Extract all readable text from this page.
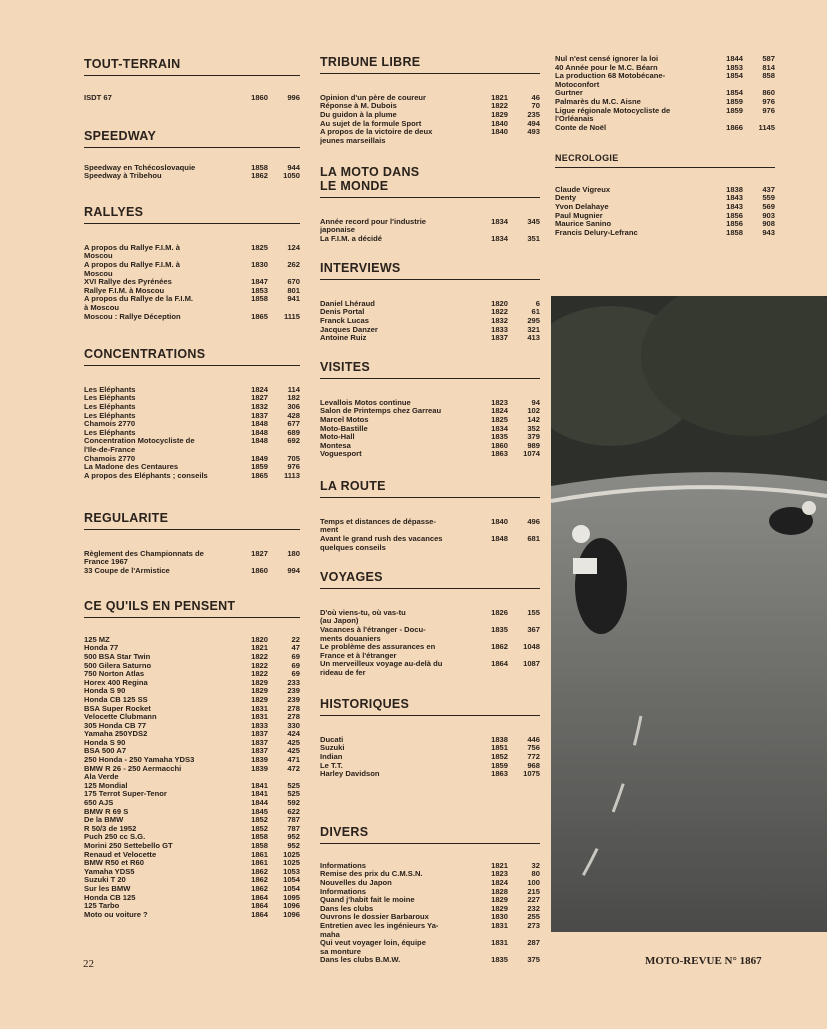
TOUT-TERRAIN
ISDT 67	1860	996
SPEEDWAY
Speedway en Tchécoslovaquie	1858	944
Speedway à Tribehou	1862	1050
RALLYES
A propos du Rallye F.I.M. à
Moscou
1825	124
A propos du Rallye F.I.M. à
Moscou
1830	262
XVI Rallye des Pyrénées	1847	670
Rallye F.I.M. à Moscou	1853	801
A propos du Rallye de la F.I.M.
à Moscou
1858	941
Moscou : Rallye Déception	1865	1115
CONCENTRATIONS
Les Eléphants	1824	114
Les Eléphants	1827	182
Les Eléphants	1832	306
Les Eléphants	1837	428
Chamois 2770	1848	677
Les Eléphants	1848	689
Concentration Motocycliste de
l'Ile-de-France
1848	692
Chamois 2770	1849	705
La Madone des Centaures	1859	976
A propos des Eléphants ; conseils	1865	1113
REGULARITE
Règlement des Championnats de
France 1967
1827	180
33 Coupe de l'Armistice	1860	994
CE QU'ILS EN PENSENT
125 MZ	1820	22
Honda 77	1821	47
500 BSA Star Twin	1822	69
500 Gilera Saturno	1822	69
750 Norton Atlas	1822	69
Horex 400 Regina	1829	233
Honda S 90	1829	239
Honda CB 125 SS	1829	239
BSA Super Rocket	1831	278
Velocette Clubmann	1831	278
305 Honda CB 77	1833	330
Yamaha 250YDS2	1837	424
Honda S 90	1837	425
BSA 500 A7	1837	425
250 Honda - 250 Yamaha YDS3	1839	471
BMW R 26 - 250 Aermacchi
Ala Verde
1839	472
125 Mondial	1841	525
175 Terrot Super-Tenor	1841	525
650 AJS	1844	592
BMW R 69 S	1845	622
De la BMW	1852	787
R 50/3 de 1952	1852	787
Puch 250 cc S.G.	1858	952
Morini 250 Settebello GT	1858	952
Renaud et Velocette	1861	1025
BMW R50 et R60	1861	1025
Yamaha YDS5	1862	1053
Suzuki T 20	1862	1054
Sur les BMW	1862	1054
Honda CB 125	1864	1095
125 Tarbo	1864	1096
Moto ou voiture ?	1864	1096
TRIBUNE LIBRE
Opinion d'un père de coureur	1821	46
Réponse à M. Dubois	1822	70
Du guidon à la plume	1829	235
Au sujet de la formule Sport	1840	494
A propos de la victoire de deux
jeunes marseillais
1840	493
LA MOTO DANS
LE MONDE
Année record pour l'industrie
japonaise
1834	345
La F.I.M. a décidé	1834	351
INTERVIEWS
Daniel Lhéraud	1820	6
Denis Portal	1822	61
Franck Lucas	1832	295
Jacques Danzer	1833	321
Antoine Ruiz	1837	413
VISITES
Levallois Motos continue	1823	94
Salon de Printemps chez Garreau	1824	102
Marcel Motos	1825	142
Moto-Bastille	1834	352
Moto-Hall	1835	379
Montesa	1860	989
Voguesport	1863	1074
LA ROUTE
Temps et distances de dépasse-
ment
1840	496
Avant le grand rush des vacances
quelques conseils
1848	681
VOYAGES
D'où viens-tu, où vas-tu
(au Japon)
1826	155
Vacances à l'étranger - Docu-
ments douaniers
1835	367
Le problème des assurances en
France et à l'étranger
1862	1048
Un merveilleux voyage au-delà du
rideau de fer
1864	1087
HISTORIQUES
Ducati	1838	446
Suzuki	1851	756
Indian	1852	772
Le T.T.	1859	968
Harley Davidson	1863	1075
DIVERS
Informations	1821	32
Remise des prix du C.M.S.N.	1823	80
Nouvelles du Japon	1824	100
Informations	1828	215
Quand j'habit fait le moine	1829	227
Dans les clubs	1829	232
Ouvrons le dossier Barbaroux	1830	255
Entretien avec les ingénieurs Ya-
maha
1831	273
Qui veut voyager loin, équipe
sa monture
1831	287
Dans les clubs B.M.W.	1835	375
Nul n'est censé ignorer la loi	1844	587
40 Année pour le M.C. Béarn	1853	814
La production 68 Motobécane-
Motoconfort
1854	858
Gurtner	1854	860
Palmarès du M.C. Aisne	1859	976
Ligue régionale Motocycliste de
l'Orléanais
1859	976
Conte de Noël	1866	1145
NECROLOGIE
Claude Vigreux	1838	437
Denty	1843	559
Yvon Delahaye	1843	569
Paul Mugnier	1856	903
Maurice Sanino	1856	908
Francis Delury-Lefranc	1858	943
22	MOTO-REVUE N° 1867
